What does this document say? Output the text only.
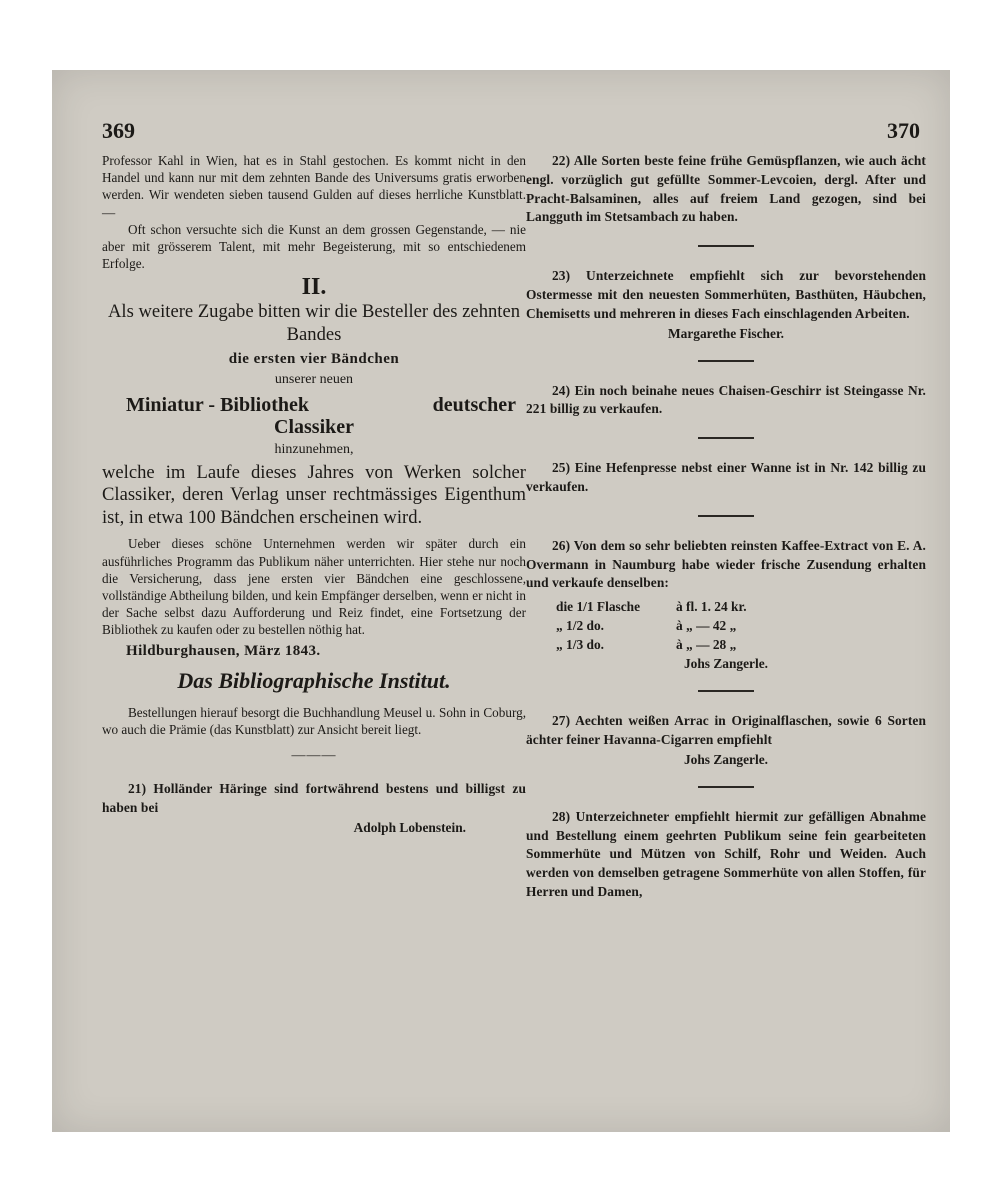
369	370

Professor Kahl in Wien, hat es in Stahl gestochen. Es kommt nicht in den Handel und kann nur mit dem zehnten Bande des Universums gratis erworben werden. Wir wendeten sieben tausend Gulden auf dieses herrliche Kunstblatt. —

Oft schon versuchte sich die Kunst an dem grossen Gegenstande, — nie aber mit grösserem Talent, mit mehr Begeisterung, mit so entschiedenem Erfolge.

II.

Als weitere Zugabe bitten wir die Besteller des zehnten Bandes

die ersten vier Bändchen
unserer neuen
Miniatur - Bibliothek	deutscher
Classiker
hinzunehmen,

welche im Laufe dieses Jahres von Werken solcher Classiker, deren Verlag unser rechtmässiges Eigenthum ist, in etwa 100 Bändchen erscheinen wird.

Ueber dieses schöne Unternehmen werden wir später durch ein ausführliches Programm das Publikum näher unterrichten. Hier stehe nur noch die Versicherung, dass jene ersten vier Bändchen eine geschlossene, vollständige Abtheilung bilden, und kein Empfänger derselben, wenn er nicht in der Sache selbst dazu Aufforderung und Reiz findet, eine Fortsetzung der Bibliothek zu kaufen oder zu bestellen nöthig hat.

Hildburghausen, März 1843.
Das Bibliographische Institut.

Bestellungen hierauf besorgt die Buchhandlung Meusel u. Sohn in Coburg, wo auch die Prämie (das Kunstblatt) zur Ansicht bereit liegt.

———

21) Holländer Häringe sind fortwährend bestens und billigst zu haben bei

Adolph Lobenstein.

22) Alle Sorten beste feine frühe Gemüspflanzen, wie auch ächt engl. vorzüglich gut gefüllte Sommer-Levcoien, dergl. After und Pracht-Balsaminen, alles auf freiem Land gezogen, sind bei Langguth im Stetsambach zu haben.

23) Unterzeichnete empfiehlt sich zur bevorstehenden Ostermesse mit den neuesten Sommerhüten, Basthüten, Häubchen, Chemisetts und mehreren in dieses Fach einschlagenden Arbeiten.

Margarethe Fischer.

24) Ein noch beinahe neues Chaisen-Geschirr ist Steingasse Nr. 221 billig zu verkaufen.

25) Eine Hefenpresse nebst einer Wanne ist in Nr. 142 billig zu verkaufen.

26) Von dem so sehr beliebten reinsten Kaffee-Extract von E. A. Overmann in Naumburg habe wieder frische Zusendung erhalten und verkaufe denselben:

die 1/1 Flasche	à fl. 1. 24 kr.
„ 1/2 do.	à „ — 42 „
„ 1/3 do.	à „ — 28 „
Johs Zangerle.

27) Aechten weißen Arrac in Originalflaschen, sowie 6 Sorten ächter feiner Havanna-Cigarren empfiehlt

Johs Zangerle.

28) Unterzeichneter empfiehlt hiermit zur gefälligen Abnahme und Bestellung einem geehrten Publikum seine fein gearbeiteten Sommerhüte und Mützen von Schilf, Rohr und Weiden. Auch werden von demselben getragene Sommerhüte von allen Stoffen, für Herren und Damen,
